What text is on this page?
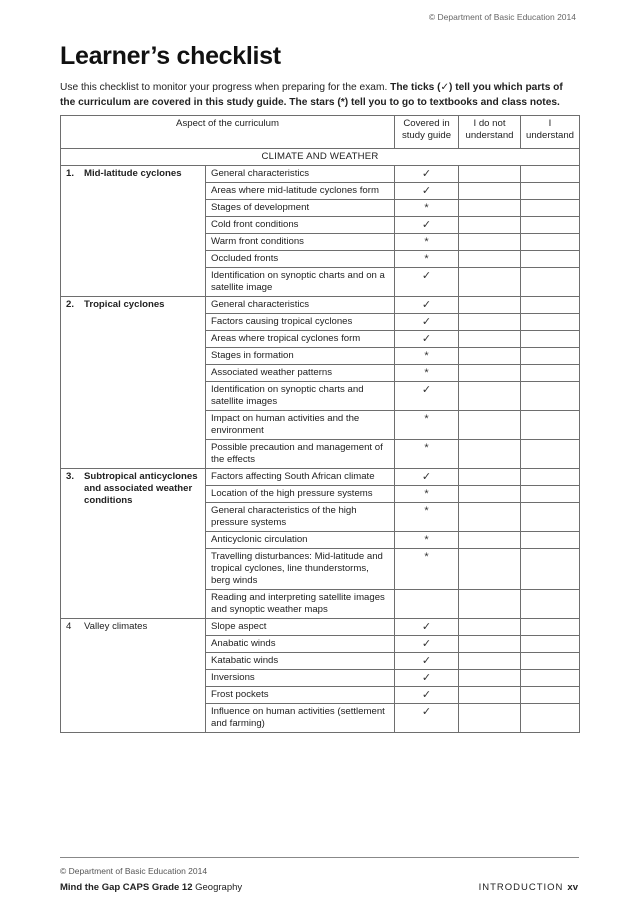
© Department of Basic Education 2014
Learner’s checklist
Use this checklist to monitor your progress when preparing for the exam. The ticks (✓) tell you which parts of the curriculum are covered in this study guide. The stars (*) tell you to go to textbooks and class notes.
Aspect of the curriculum		Covered in study guide	I do not understand	I understand
CLIMATE AND WEATHER				

1. Mid-latitude cyclones	General characteristics	✓		
	Areas where mid-latitude cyclones form	✓		
	Stages of development	*		
	Cold front conditions	✓		
	Warm front conditions	*		
	Occluded fronts	*		
	Identification on synoptic charts and on a satellite image	✓		

2. Tropical cyclones	General characteristics	✓		
	Factors causing tropical cyclones	✓		
	Areas where tropical cyclones form	✓		
	Stages in formation	*		
	Associated weather patterns	*		
	Identification on synoptic charts and satellite images	✓		
	Impact on human activities and the environment	*		
	Possible precaution and management of the effects	*		

3. Subtropical anticyclones and associated weather conditions	Factors affecting South African climate	✓		
	Location of the high pressure systems	*		
	General characteristics of the high pressure systems	*		
	Anticyclonic circulation	*		
	Travelling disturbances: Mid-latitude and tropical cyclones, line thunderstorms, berg winds	*		
	Reading and interpreting satellite images and synoptic weather maps			

4 Valley climates	Slope aspect	✓		
	Anabatic winds	✓		
	Katabatic winds	✓		
	Inversions	✓		
	Frost pockets	✓		
	Influence on human activities (settlement and farming)	✓		
© Department of Basic Education 2014
Mind the Gap CAPS Grade 12 Geography	INTRODUCTION xv
